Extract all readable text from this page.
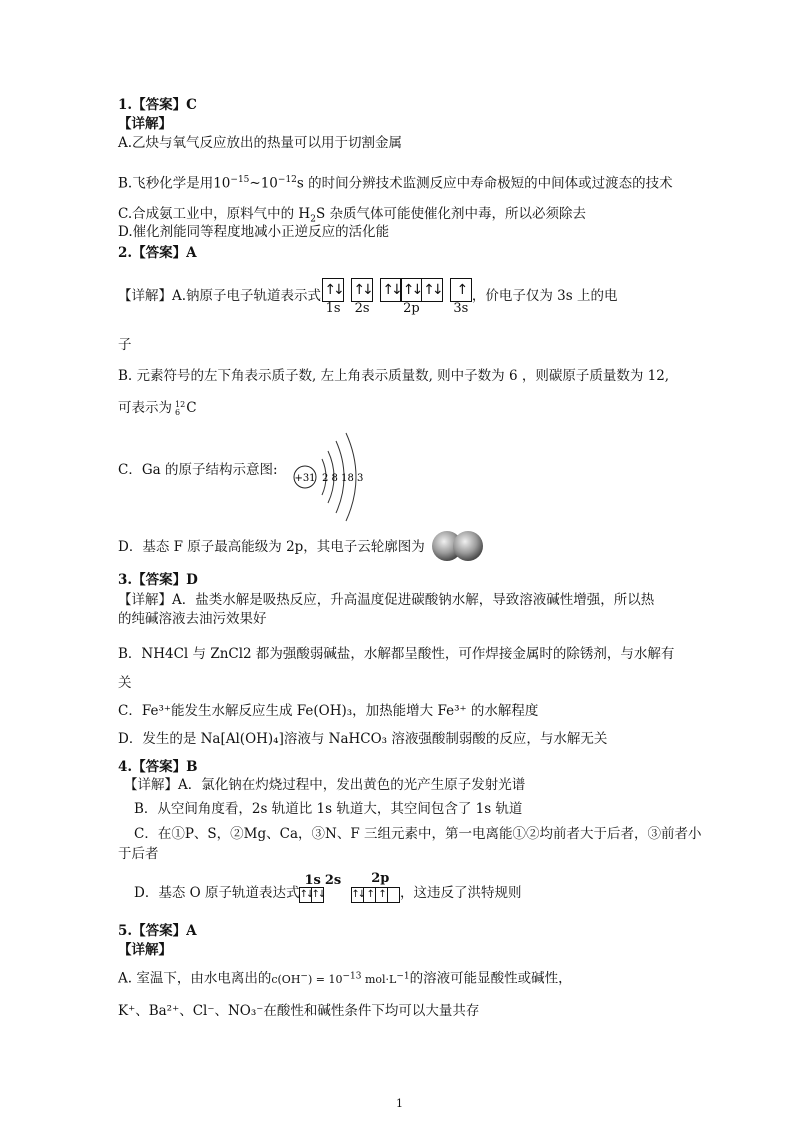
1.【答案】C
【详解】
A.乙炔与氧气反应放出的热量可以用于切割金属
B.飞秒化学是用$10^{-15}\sim 10^{-12}s$ 的时间分辨技术监测反应中寿命极短的中间体或过渡态的技术
C.合成氨工业中，原料气中的 $H_2S$ 杂质气体可能使催化剂中毒，所以必须除去
D.催化剂能同等程度地减小正逆反应的活化能
2.【答案】A
【详解】A.钠原子电子轨道表示式 ↑↓
1s
↑↓
2s
↑↓ ↑↓ ↑↓
2p
↑
3s
，价电子仅为 3s 上的电
子
B. 元素符号的左下角表示质子数, 左上角表示质量数, 则中子数为 6 ，则碳原子质量数为 12,
可表示为 12
6 C
C．Ga 的原子结构示意图:
+31 2 8 18 3
D．基态 F 原子最高能级为 2p，其电子云轮廓图为
3.【答案】D
【详解】A．盐类水解是吸热反应，升高温度促进碳酸钠水解，导致溶液碱性增强，所以热
的纯碱溶液去油污效果好
B．NH4Cl 与 ZnCl2 都为强酸弱碱盐，水解都呈酸性，可作焊接金属时的除锈剂，与水解有
关
C．Fe³⁺能发生水解反应生成 Fe(OH)₃，加热能增大 Fe³⁺ 的水解程度
D．发生的是 Na[Al(OH)₄]溶液与 NaHCO₃ 溶液强酸制弱酸的反应，与水解无关
4.【答案】B
【详解】A．氯化钠在灼烧过程中，发出黄色的光产生原子发射光谱
B．从空间角度看，2s 轨道比 1s 轨道大，其空间包含了 1s 轨道
C．在①P、S，②Mg、Ca，③N、F 三组元素中，第一电离能①②均前者大于后者，③前者小
于后者
D．基态 O 原子轨道表达式
1s 2s
↑↓ ↑↓
2p
↑↓ ↑ ↑ ，这违反了洪特规则
5.【答案】A
【详解】
A. 室温下，由水电离出的$c(OH^-) = 10^{-13}$ $mol\cdot L^{-1}$的溶液可能显酸性或碱性，
K⁺、Ba²⁺、Cl⁻、NO₃⁻在酸性和碱性条件下均可以大量共存
1
